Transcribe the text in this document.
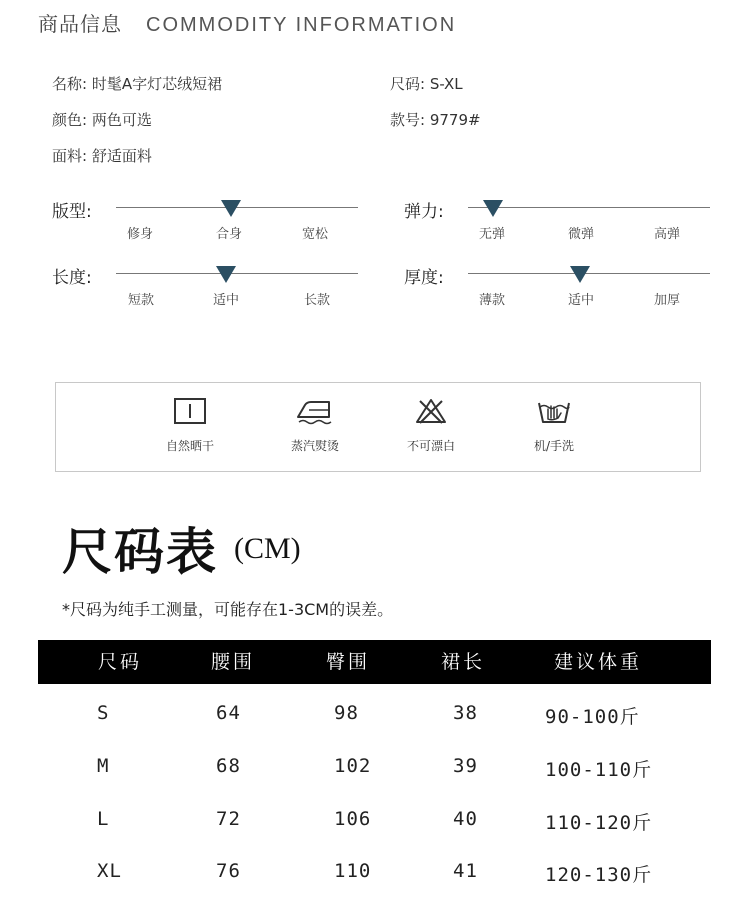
商品信息 COMMODITY INFORMATION
名称: 时髦A字灯芯绒短裙	尺码: S-XL
颜色: 两色可选	款号: 9779#
面料: 舒适面料
版型:
修身	合身	宽松
弹力:
无弹	微弹	高弹
长度:
短款	适中	长款
厚度:
薄款	适中	加厚
自然晒干	蒸汽熨烫	不可漂白	机/手洗
尺码表 (CM)
*尺码为纯手工测量，可能存在1-3CM的误差。
尺码	腰围	臀围	裙长	建议体重
S	64	98	38	90-100斤
M	68	102	39	100-110斤
L	72	106	40	110-120斤
XL	76	110	41	120-130斤
